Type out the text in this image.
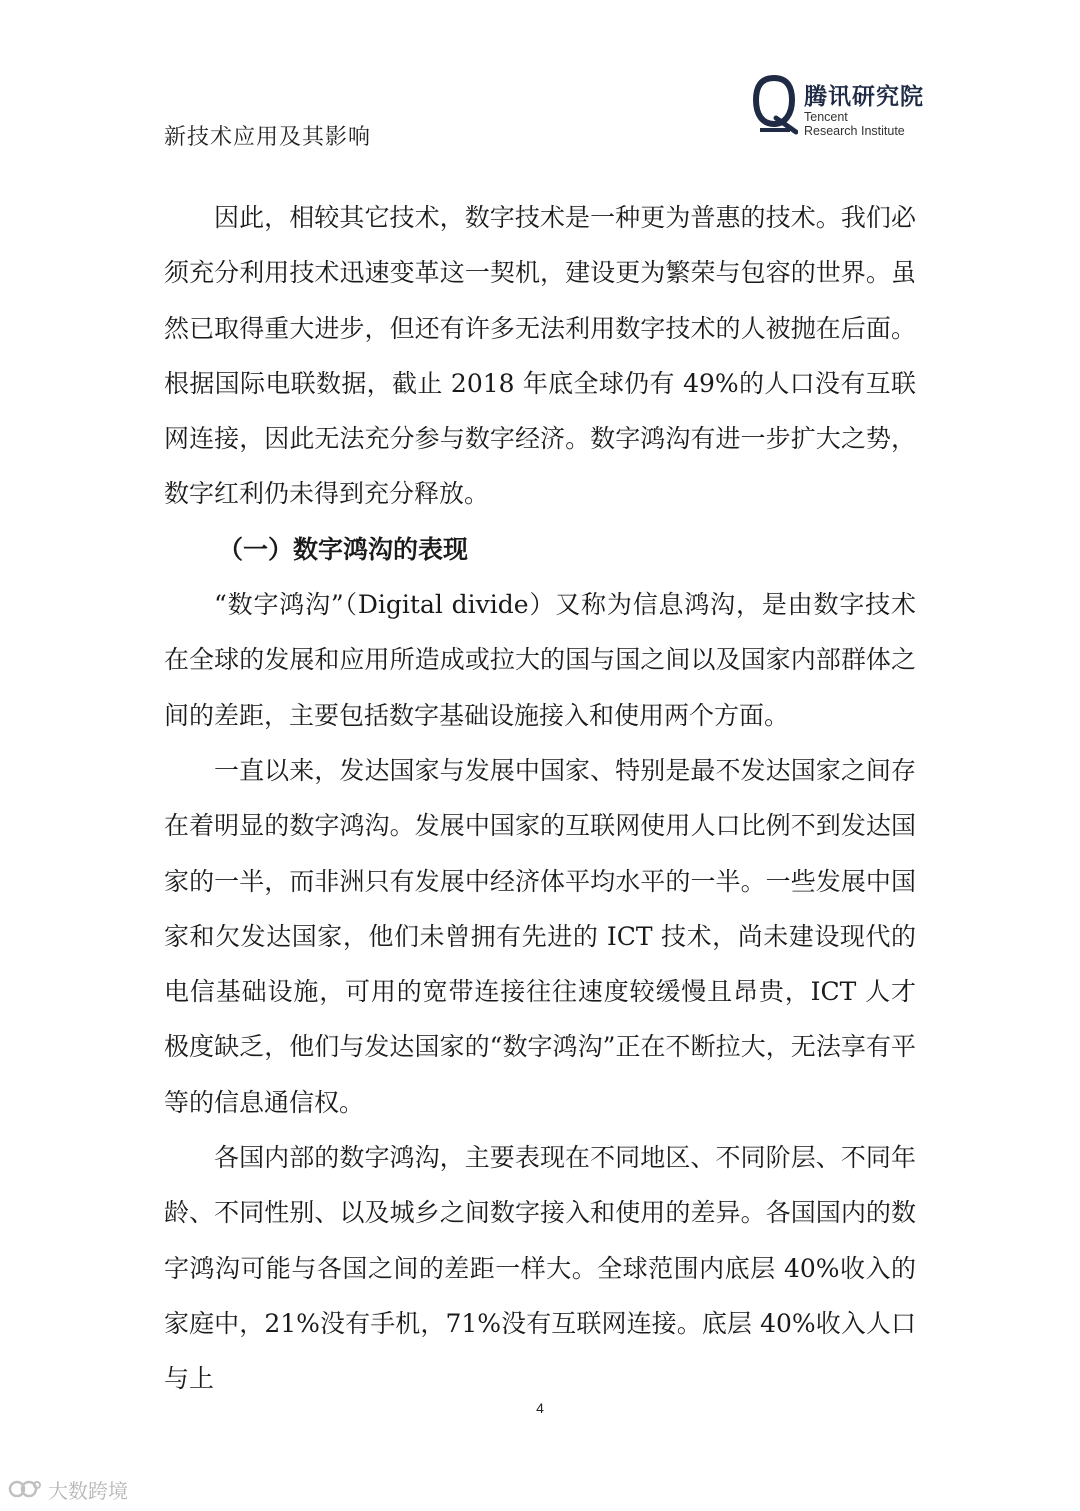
新技术应用及其影响
腾讯研究院
Tencent
Research Institute

因此，相较其它技术，数字技术是一种更为普惠的技术。我们必须充分利用技术迅速变革这一契机，建设更为繁荣与包容的世界。虽然已取得重大进步，但还有许多无法利用数字技术的人被抛在后面。根据国际电联数据，截止 2018 年底全球仍有 49%的人口没有互联网连接，因此无法充分参与数字经济。数字鸿沟有进一步扩大之势，数字红利仍未得到充分释放。

（一）数字鸿沟的表现

“数字鸿沟”（Digital divide）又称为信息鸿沟，是由数字技术在全球的发展和应用所造成或拉大的国与国之间以及国家内部群体之间的差距，主要包括数字基础设施接入和使用两个方面。

一直以来，发达国家与发展中国家、特别是最不发达国家之间存在着明显的数字鸿沟。发展中国家的互联网使用人口比例不到发达国家的一半，而非洲只有发展中经济体平均水平的一半。一些发展中国家和欠发达国家，他们未曾拥有先进的 ICT 技术，尚未建设现代的电信基础设施，可用的宽带连接往往速度较缓慢且昂贵，ICT 人才极度缺乏，他们与发达国家的“数字鸿沟”正在不断拉大，无法享有平等的信息通信权。

各国内部的数字鸿沟，主要表现在不同地区、不同阶层、不同年龄、不同性别、以及城乡之间数字接入和使用的差异。各国国内的数字鸿沟可能与各国之间的差距一样大。全球范围内底层 40%收入的家庭中，21%没有手机，71%没有互联网连接。底层 40%收入人口与上

4
大数跨境
